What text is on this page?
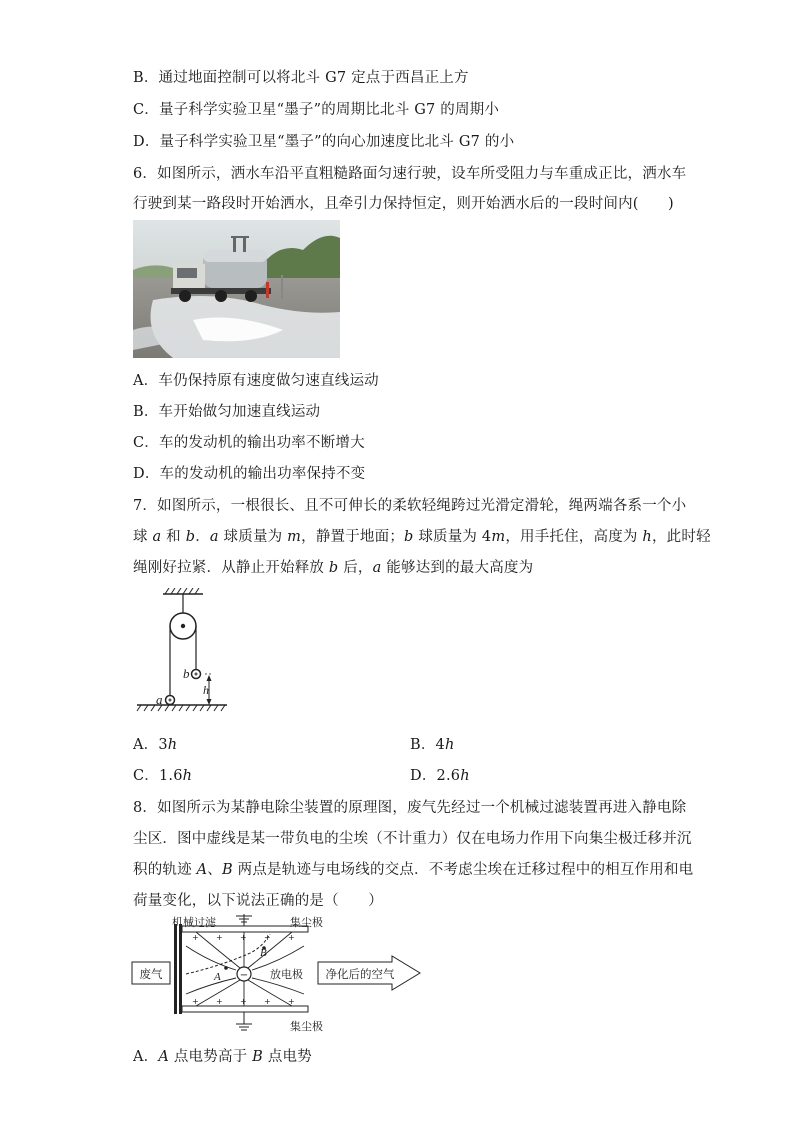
B．通过地面控制可以将北斗 G7 定点于西昌正上方
C．量子科学实验卫星“墨子”的周期比北斗 G7 的周期小
D．量子科学实验卫星“墨子”的向心加速度比北斗 G7 的小
6．如图所示，洒水车沿平直粗糙路面匀速行驶，设车所受阻力与车重成正比，洒水车
行驶到某一路段时开始洒水，且牵引力保持恒定，则开始洒水后的一段时间内(　　)
A．车仍保持原有速度做匀速直线运动
B．车开始做匀加速直线运动
C．车的发动机的输出功率不断增大
D．车的发动机的输出功率保持不变
7．如图所示，一根很长、且不可伸长的柔软轻绳跨过光滑定滑轮，绳两端各系一个小
球 a 和 b．a 球质量为 m，静置于地面；b 球质量为 4m，用手托住，高度为 h，此时轻
绳刚好拉紧．从静止开始释放 b 后，a 能够达到的最大高度为
b
a
h
A．3h	B．4h
C．1.6h	D．2.6h
8．如图所示为某静电除尘装置的原理图，废气先经过一个机械过滤装置再进入静电除
尘区．图中虚线是某一带负电的尘埃（不计重力）仅在电场力作用下向集尘极迁移并沉
积的轨迹 A、B 两点是轨迹与电场线的交点．不考虑尘埃在迁移过程中的相互作用和电
荷量变化，以下说法正确的是（　　）
+ + + + +
+ + + + +
−
废气	净化后的空气
机械过滤	集尘极
集尘极
放电极
A
B
A．A 点电势高于 B 点电势
